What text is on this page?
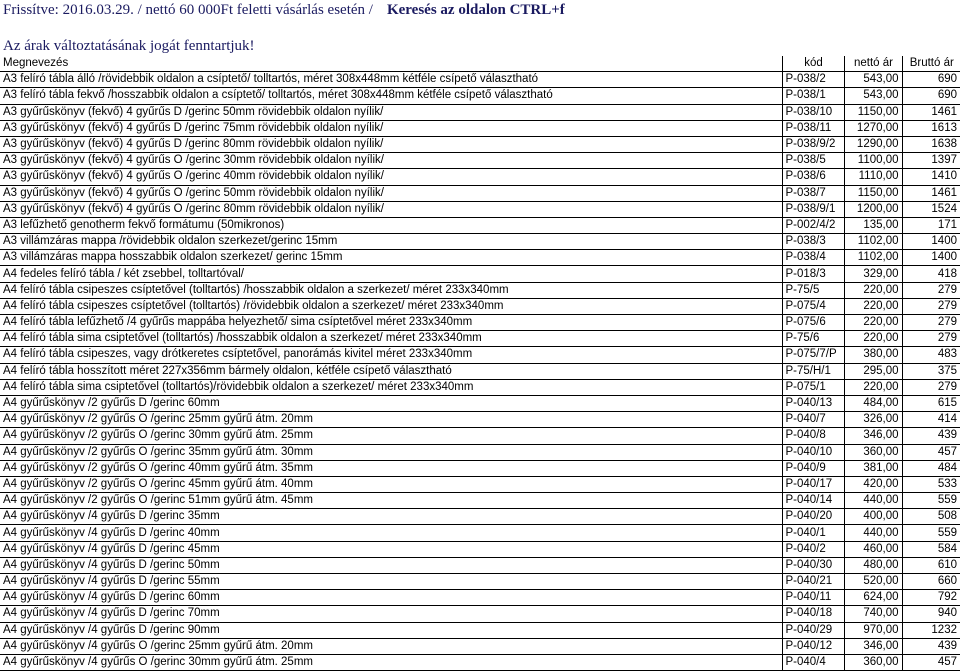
Frissítve: 2016.03.29. / nettó 60 000Ft feletti vásárlás esetén / Keresés az oldalon CTRL+f
Az árak változtatásának jogát fenntartjuk!
Megnevezés	kód	nettó ár	Bruttó ár
A3 felíró tábla álló /rövidebbik oldalon a csíptető/ tolltartós, méret 308x448mm kétféle csípető választható	P-038/2	543,00	690
A3 felíró tábla fekvő /hosszabbik oldalon a csíptető/ tolltartós, méret 308x448mm kétféle csípető választható	P-038/1	543,00	690
A3 gyűrűskönyv (fekvő) 4 gyűrűs D /gerinc 50mm rövidebbik oldalon nyílik/	P-038/10	1150,00	1461
A3 gyűrűskönyv (fekvő) 4 gyűrűs D /gerinc 75mm rövidebbik oldalon nyílik/	P-038/11	1270,00	1613
A3 gyűrűskönyv (fekvő) 4 gyűrűs D /gerinc 80mm rövidebbik oldalon nyílik/	P-038/9/2	1290,00	1638
A3 gyűrűskönyv (fekvő) 4 gyűrűs O /gerinc 30mm rövidebbik oldalon nyílik/	P-038/5	1100,00	1397
A3 gyűrűskönyv (fekvő) 4 gyűrűs O /gerinc 40mm rövidebbik oldalon nyílik/	P-038/6	1110,00	1410
A3 gyűrűskönyv (fekvő) 4 gyűrűs O /gerinc 50mm rövidebbik oldalon nyílik/	P-038/7	1150,00	1461
A3 gyűrűskönyv (fekvő) 4 gyűrűs O /gerinc 80mm rövidebbik oldalon nyílik/	P-038/9/1	1200,00	1524
A3 lefűzhető genotherm fekvő formátumu (50mikronos)	P-002/4/2	135,00	171
A3 villámzáras mappa /rövidebbik oldalon szerkezet/gerinc 15mm	P-038/3	1102,00	1400
A3 villámzáras mappa hosszabbik oldalon szerkezet/ gerinc 15mm	P-038/4	1102,00	1400
A4 fedeles felíró tábla / két zsebbel, tolltartóval/	P-018/3	329,00	418
A4 felíró tábla csipeszes csíptetővel (tolltartós) /hosszabbik oldalon a szerkezet/ méret 233x340mm	P-75/5	220,00	279
A4 felíró tábla csipeszes csíptetővel (tolltartós) /rövidebbik oldalon a szerkezet/ méret 233x340mm	P-075/4	220,00	279
A4 felíró tábla lefűzhető /4 gyűrűs mappába helyezhető/ sima csíptetővel méret 233x340mm	P-075/6	220,00	279
A4 felíró tábla sima csiptetővel (tolltartós) /hosszabbik oldalon a szerkezet/ méret 233x340mm	P-75/6	220,00	279
A4 felíró tábla csipeszes, vagy drótkeretes csíptetővel, panorámás kivitel méret 233x340mm	P-075/7/P	380,00	483
A4 felíró tábla hosszított méret 227x356mm bármely oldalon, kétféle csípető választható	P-75/H/1	295,00	375
A4 felíró tábla sima csiptetővel (tolltartós)/rövidebbik oldalon a szerkezet/ méret 233x340mm	P-075/1	220,00	279
A4 gyűrűskönyv /2 gyűrűs D /gerinc 60mm	P-040/13	484,00	615
A4 gyűrűskönyv /2 gyűrűs O /gerinc 25mm gyűrű átm. 20mm	P-040/7	326,00	414
A4 gyűrűskönyv /2 gyűrűs O /gerinc 30mm gyűrű átm. 25mm	P-040/8	346,00	439
A4 gyűrűskönyv /2 gyűrűs O /gerinc 35mm gyűrű átm. 30mm	P-040/10	360,00	457
A4 gyűrűskönyv /2 gyűrűs O /gerinc 40mm gyűrű átm. 35mm	P-040/9	381,00	484
A4 gyűrűskönyv /2 gyűrűs O /gerinc 45mm gyűrű átm. 40mm	P-040/17	420,00	533
A4 gyűrűskönyv /2 gyűrűs O /gerinc 51mm gyűrű átm. 45mm	P-040/14	440,00	559
A4 gyűrűskönyv /4 gyűrűs D /gerinc 35mm	P-040/20	400,00	508
A4 gyűrűskönyv /4 gyűrűs D /gerinc 40mm	P-040/1	440,00	559
A4 gyűrűskönyv /4 gyűrűs D /gerinc 45mm	P-040/2	460,00	584
A4 gyűrűskönyv /4 gyűrűs D /gerinc 50mm	P-040/30	480,00	610
A4 gyűrűskönyv /4 gyűrűs D /gerinc 55mm	P-040/21	520,00	660
A4 gyűrűskönyv /4 gyűrűs D /gerinc 60mm	P-040/11	624,00	792
A4 gyűrűskönyv /4 gyűrűs D /gerinc 70mm	P-040/18	740,00	940
A4 gyűrűskönyv /4 gyűrűs D /gerinc 90mm	P-040/29	970,00	1232
A4 gyűrűskönyv /4 gyűrűs O /gerinc 25mm gyűrű átm. 20mm	P-040/12	346,00	439
A4 gyűrűskönyv /4 gyűrűs O /gerinc 30mm gyűrű átm. 25mm	P-040/4	360,00	457
